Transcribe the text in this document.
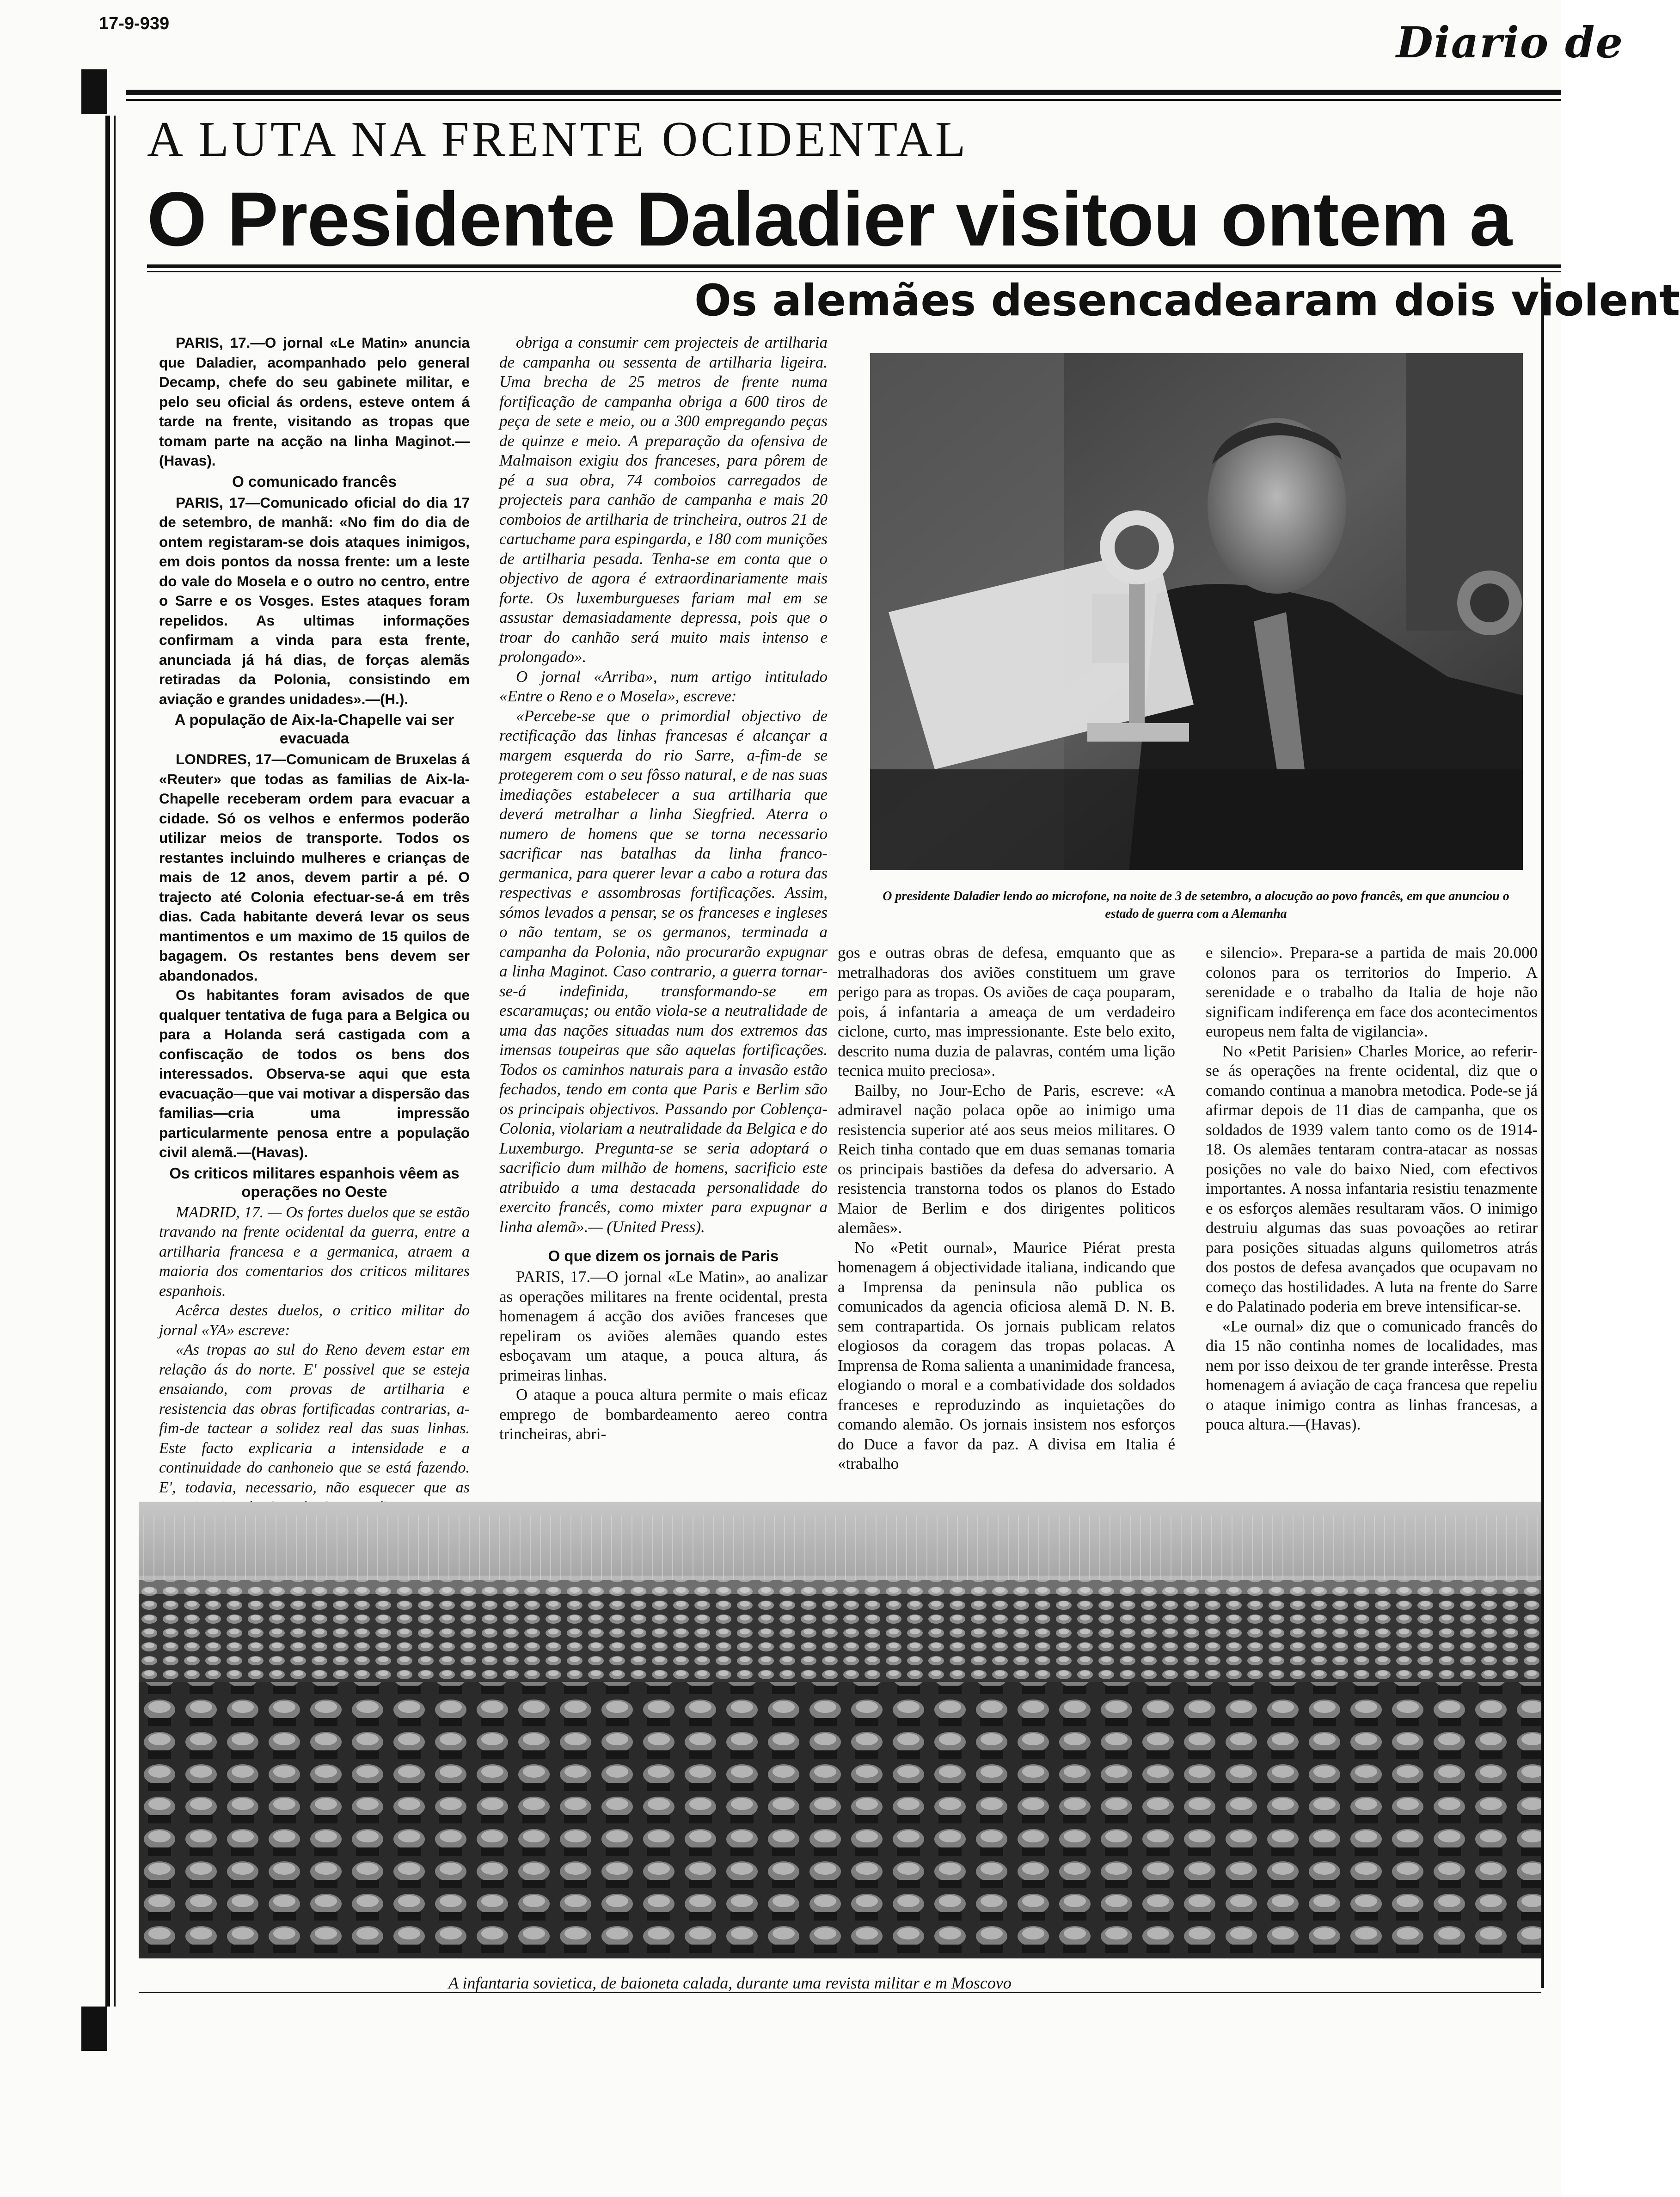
17-9-939	Diario de
A LUTA NA FRENTE OCIDENTAL
O Presidente Daladier visitou ontem a
Os alemães desencadearam dois violent

PARIS, 17.—O jornal «Le Matin» anuncia que Daladier, acompanhado pelo general Decamp, chefe do seu gabinete militar, e pelo seu oficial ás ordens, esteve ontem á tarde na frente, visitando as tropas que tomam parte na acção na linha Maginot.—(Havas).

O comunicado francês

PARIS, 17—Comunicado oficial do dia 17 de setembro, de manhã: «No fim do dia de ontem registaram-se dois ataques inimigos, em dois pontos da nossa frente: um a leste do vale do Mosela e o outro no centro, entre o Sarre e os Vosges. Estes ataques foram repelidos. As ultimas informações confirmam a vinda para esta frente, anunciada já há dias, de forças alemãs retiradas da Polonia, consistindo em aviação e grandes unidades».—(H.).

A população de Aix-la-Chapelle vai ser evacuada

LONDRES, 17—Comunicam de Bruxelas á «Reuter» que todas as familias de Aix-la-Chapelle receberam ordem para evacuar a cidade. Só os velhos e enfermos poderão utilizar meios de transporte. Todos os restantes incluindo mulheres e crianças de mais de 12 anos, devem partir a pé. O trajecto até Colonia efectuar-se-á em três dias. Cada habitante deverá levar os seus mantimentos e um maximo de 15 quilos de bagagem. Os restantes bens devem ser abandonados.

Os habitantes foram avisados de que qualquer tentativa de fuga para a Belgica ou para a Holanda será castigada com a confiscação de todos os bens dos interessados. Observa-se aqui que esta evacuação—que vai motivar a dispersão das familias—cria uma impressão particularmente penosa entre a população civil alemã.—(Havas).

Os criticos militares espanhois vêem as operações no Oeste

MADRID, 17. — Os fortes duelos que se estão travando na frente ocidental da guerra, entre a artilharia francesa e a germanica, atraem a maioria dos comentarios dos criticos militares espanhois.

Acêrca destes duelos, o critico militar do jornal «YA» escreve:

«As tropas ao sul do Reno devem estar em relação ás do norte. E' possivel que se esteja ensaiando, com provas de artilharia e resistencia das obras fortificadas contrarias, a-fim-de tactear a solidez real das suas linhas. Este facto explicaria a intensidade e a continuidade do canhoneio que se está fazendo. E', todavia, necessario, não esquecer que as

obriga a consumir cem projecteis de artilharia de campanha ou sessenta de artilharia ligeira. Uma brecha de 25 metros de frente numa fortificação de campanha obriga a 600 tiros de peça de sete e meio, ou a 300 empregando peças de quinze e meio. A preparação da ofensiva de Malmaison exigiu dos franceses, para pôrem de pé a sua obra, 74 comboios carregados de projecteis para canhão de campanha e mais 20 comboios de artilharia de trincheira, outros 21 de cartuchame para espingarda, e 180 com munições de artilharia pesada. Tenha-se em conta que o objectivo de agora é extraordinariamente mais forte. Os luxemburgueses fariam mal em se assustar demasiadamente depressa, pois que o troar do canhão será muito mais intenso e prolongado».

O jornal «Arriba», num artigo intitulado «Entre o Reno e o Mosela», escreve:

«Percebe-se que o primordial objectivo de rectificação das linhas francesas é alcançar a margem esquerda do rio Sarre, a-fim-de se protegerem com o seu fôsso natural, e de nas suas imediações estabelecer a sua artilharia que deverá metralhar a linha Siegfried. Aterra o numero de homens que se torna necessario sacrificar nas batalhas da linha franco-germanica, para querer levar a cabo a rotura das respectivas e assombrosas fortificações. Assim, sómos levados a pensar, se os franceses e ingleses o não tentam, se os germanos, terminada a campanha da Polonia, não procurarão expugnar a linha Maginot. Caso contrario, a guerra tornar-se-á indefinida, transformando-se em escaramuças; ou então viola-se a neutralidade de uma das nações situadas num dos extremos das imensas toupeiras que são aquelas fortificações. Todos os caminhos naturais para a invasão estão fechados, tendo em conta que Paris e Berlim são os principais objectivos. Passando por Coblença-Colonia, violariam a neutralidade da Belgica e do Luxemburgo. Pregunta-se se seria adoptará o sacrificio dum milhão de homens, sacrificio este atribuido a uma destacada personalidade do exercito francês, como mixter para expugnar a linha alemã».— (United Press).

O que dizem os jornais de Paris

PARIS, 17.—O jornal «Le Matin», ao analizar as operações militares na frente ocidental, presta homenagem á acção dos aviões franceses que repeliram os aviões alemães quando estes esboçavam um ataque, a pouca altura, ás primeiras linhas.

O ataque a pouca altura permite o mais eficaz emprego de bombardeamento aereo contra trincheiras, abri-

O presidente Daladier lendo ao microfone, na noite de 3 de setembro, a alocução ao povo francês, em que anunciou o estado de guerra com a Alemanha

gos e outras obras de defesa, emquanto que as metralhadoras dos aviões constituem um grave perigo para as tropas. Os aviões de caça pouparam, pois, á infantaria a ameaça de um verdadeiro ciclone, curto, mas impressionante. Este belo exito, descrito numa duzia de palavras, contém uma lição tecnica muito preciosa».

Bailby, no Jour-Echo de Paris, escreve: «A admiravel nação polaca opõe ao inimigo uma resistencia superior até aos seus meios militares. O Reich tinha contado que em duas semanas tomaria os principais bastiões da defesa do adversario. A resistencia transtorna todos os planos do Estado Maior de Berlim e dos dirigentes politicos alemães».

No «Petit ournal», Maurice Piérat presta homenagem á objectividade italiana, indicando que a Imprensa da peninsula não publica os comunicados da agencia oficiosa alemã D. N. B. sem contrapartida. Os jornais publicam relatos elogiosos da coragem das tropas polacas. A Imprensa de Roma salienta a unanimidade francesa, elogiando o moral e a combatividade dos soldados franceses e reproduzindo as inquietações do comando alemão. Os jornais insistem nos esforços do Duce a favor da paz. A divisa em Italia é «trabalho

e silencio». Prepara-se a partida de mais 20.000 colonos para os territorios do Imperio. A serenidade e o trabalho da Italia de hoje não significam indiferença em face dos acontecimentos europeus nem falta de vigilancia».

No «Petit Parisien» Charles Morice, ao referir-se ás operações na frente ocidental, diz que o comando continua a manobra metodica. Pode-se já afirmar depois de 11 dias de campanha, que os soldados de 1939 valem tanto como os de 1914-18. Os alemães tentaram contra-atacar as nossas posições no vale do baixo Nied, com efectivos importantes. A nossa infantaria resistiu tenazmente e os esforços alemães resultaram vãos. O inimigo destruiu algumas das suas povoações ao retirar para posições situadas alguns quilometros atrás dos postos de defesa avançados que ocupavam no começo das hostilidades. A luta na frente do Sarre e do Palatinado poderia em breve intensificar-se.

«Le ournal» diz que o comunicado francês do dia 15 não continha nomes de localidades, mas nem por isso deixou de ter grande interêsse. Presta homenagem á aviação de caça francesa que repeliu o ataque inimigo contra as linhas francesas, a pouca altura.—(Havas).

A infantaria sovietica, de baioneta calada, durante uma revista militar e m Moscovo
